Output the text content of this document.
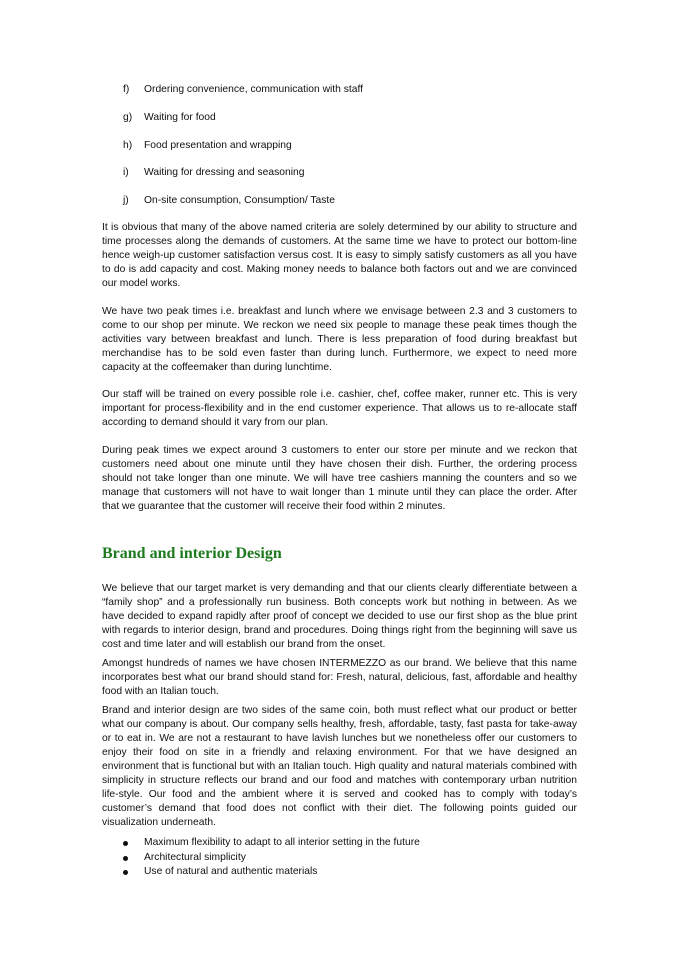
f) Ordering convenience, communication with staff
g) Waiting for food
h) Food presentation and wrapping
i) Waiting for dressing and seasoning
j) On-site consumption, Consumption/ Taste

It is obvious that many of the above named criteria are solely determined by our ability to structure and time processes along the demands of customers. At the same time we have to protect our bottom-line hence weigh-up customer satisfaction versus cost. It is easy to simply satisfy customers as all you have to do is add capacity and cost. Making money needs to balance both factors out and we are convinced our model works.

We have two peak times i.e. breakfast and lunch where we envisage between 2.3 and 3 customers to come to our shop per minute. We reckon we need six people to manage these peak times though the activities vary between breakfast and lunch. There is less preparation of food during breakfast but merchandise has to be sold even faster than during lunch. Furthermore, we expect to need more capacity at the coffeemaker than during lunchtime.

Our staff will be trained on every possible role i.e. cashier, chef, coffee maker, runner etc. This is very important for process-flexibility and in the end customer experience. That allows us to re-allocate staff according to demand should it vary from our plan.

During peak times we expect around 3 customers to enter our store per minute and we reckon that customers need about one minute until they have chosen their dish. Further, the ordering process should not take longer than one minute. We will have tree cashiers manning the counters and so we manage that customers will not have to wait longer than 1 minute until they can place the order. After that we guarantee that the customer will receive their food within 2 minutes.

Brand and interior Design

We believe that our target market is very demanding and that our clients clearly differentiate between a “family shop” and a professionally run business. Both concepts work but nothing in between. As we have decided to expand rapidly after proof of concept we decided to use our first shop as the blue print with regards to interior design, brand and procedures. Doing things right from the beginning will save us cost and time later and will establish our brand from the onset.

Amongst hundreds of names we have chosen INTERMEZZO as our brand. We believe that this name incorporates best what our brand should stand for: Fresh, natural, delicious, fast, affordable and healthy food with an Italian touch.

Brand and interior design are two sides of the same coin, both must reflect what our product or better what our company is about. Our company sells healthy, fresh, affordable, tasty, fast pasta for take-away or to eat in. We are not a restaurant to have lavish lunches but we nonetheless offer our customers to enjoy their food on site in a friendly and relaxing environment. For that we have designed an environment that is functional but with an Italian touch. High quality and natural materials combined with simplicity in structure reflects our brand and our food and matches with contemporary urban nutrition life-style. Our food and the ambient where it is served and cooked has to comply with today’s customer’s demand that food does not conflict with their diet. The following points guided our visualization underneath.

Maximum flexibility to adapt to all interior setting in the future
Architectural simplicity
Use of natural and authentic materials
